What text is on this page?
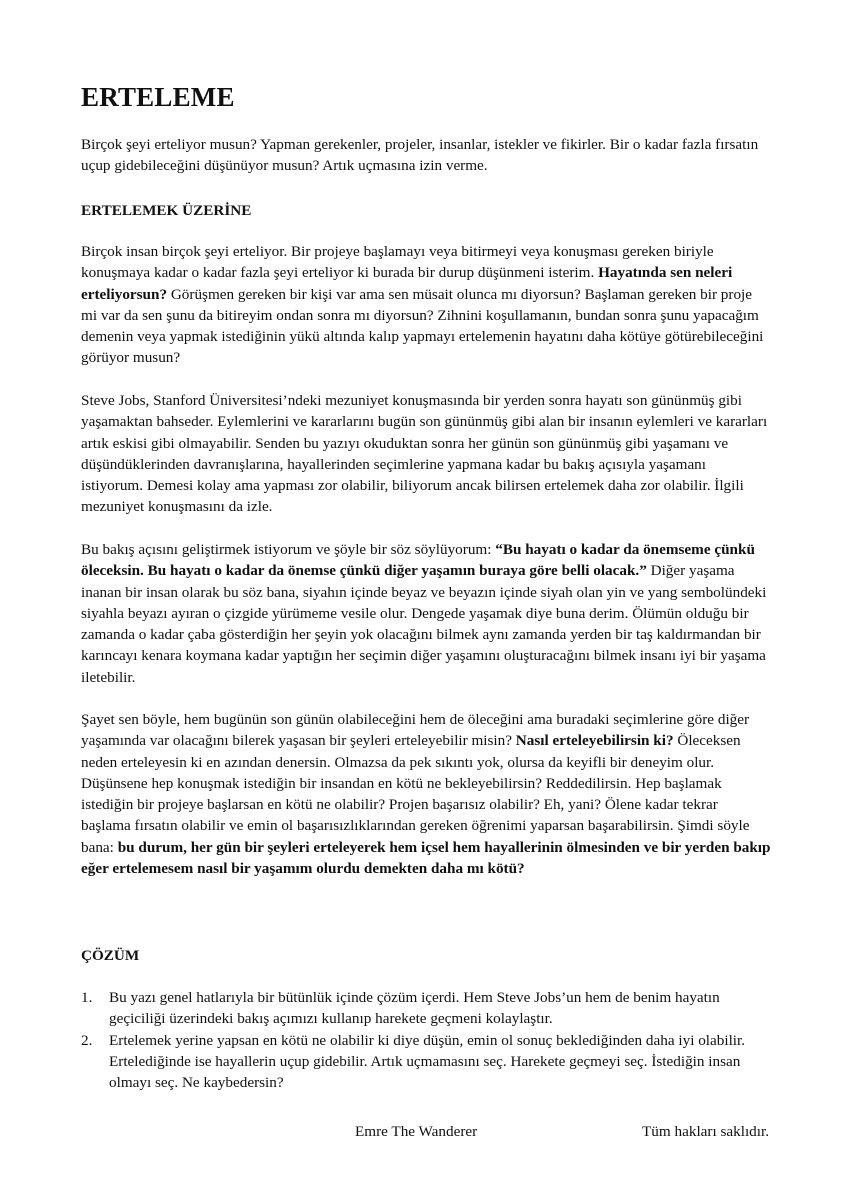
ERTELEME

Birçok şeyi erteliyor musun? Yapman gerekenler, projeler, insanlar, istekler ve fikirler. Bir o kadar fazla fırsatın uçup gidebileceğini düşünüyor musun? Artık uçmasına izin verme.

ERTELEMEK ÜZERİNE

Birçok insan birçok şeyi erteliyor. Bir projeye başlamayı veya bitirmeyi veya konuşması gereken biriyle konuşmaya kadar o kadar fazla şeyi erteliyor ki burada bir durup düşünmeni isterim. Hayatında sen neleri erteliyorsun? Görüşmen gereken bir kişi var ama sen müsait olunca mı diyorsun? Başlaman gereken bir proje mi var da sen şunu da bitireyim ondan sonra mı diyorsun? Zihnini koşullamanın, bundan sonra şunu yapacağım demenin veya yapmak istediğinin yükü altında kalıp yapmayı ertelemenin hayatını daha kötüye götürebileceğini görüyor musun?

Steve Jobs, Stanford Üniversitesi’ndeki mezuniyet konuşmasında bir yerden sonra hayatı son gününmüş gibi yaşamaktan bahseder. Eylemlerini ve kararlarını bugün son gününmüş gibi alan bir insanın eylemleri ve kararları artık eskisi gibi olmayabilir. Senden bu yazıyı okuduktan sonra her günün son gününmüş gibi yaşamanı ve düşündüklerinden davranışlarına, hayallerinden seçimlerine yapmana kadar bu bakış açısıyla yaşamanı istiyorum. Demesi kolay ama yapması zor olabilir, biliyorum ancak bilirsen ertelemek daha zor olabilir. İlgili mezuniyet konuşmasını da izle.

Bu bakış açısını geliştirmek istiyorum ve şöyle bir söz söylüyorum: “Bu hayatı o kadar da önemseme çünkü öleceksin. Bu hayatı o kadar da önemse çünkü diğer yaşamın buraya göre belli olacak.” Diğer yaşama inanan bir insan olarak bu söz bana, siyahın içinde beyaz ve beyazın içinde siyah olan yin ve yang sembolündeki siyahla beyazı ayıran o çizgide yürümeme vesile olur. Dengede yaşamak diye buna derim. Ölümün olduğu bir zamanda o kadar çaba gösterdiğin her şeyin yok olacağını bilmek aynı zamanda yerden bir taş kaldırmandan bir karıncayı kenara koymana kadar yaptığın her seçimin diğer yaşamını oluşturacağını bilmek insanı iyi bir yaşama iletebilir.

Şayet sen böyle, hem bugünün son günün olabileceğini hem de öleceğini ama buradaki seçimlerine göre diğer yaşamında var olacağını bilerek yaşasan bir şeyleri erteleyebilir misin? Nasıl erteleyebilirsin ki? Öleceksen neden erteleyesin ki en azından denersin. Olmazsa da pek sıkıntı yok, olursa da keyifli bir deneyim olur. Düşünsene hep konuşmak istediğin bir insandan en kötü ne bekleyebilirsin? Reddedilirsin. Hep başlamak istediğin bir projeye başlarsan en kötü ne olabilir? Projen başarısız olabilir? Eh, yani? Ölene kadar tekrar başlama fırsatın olabilir ve emin ol başarısızlıklarından gereken öğrenimi yaparsan başarabilirsin. Şimdi söyle bana: bu durum, her gün bir şeyleri erteleyerek hem içsel hem hayallerinin ölmesinden ve bir yerden bakıp eğer ertelemesem nasıl bir yaşamım olurdu demekten daha mı kötü?

ÇÖZÜM

1. Bu yazı genel hatlarıyla bir bütünlük içinde çözüm içerdi. Hem Steve Jobs’un hem de benim hayatın geçiciliği üzerindeki bakış açımızı kullanıp harekete geçmeni kolaylaştır.
2. Ertelemek yerine yapsan en kötü ne olabilir ki diye düşün, emin ol sonuç beklediğinden daha iyi olabilir. Ertelediğinde ise hayallerin uçup gidebilir. Artık uçmamasını seç. Harekete geçmeyi seç. İstediğin insan olmayı seç. Ne kaybedersin?
Emre The Wanderer	Tüm hakları saklıdır.
